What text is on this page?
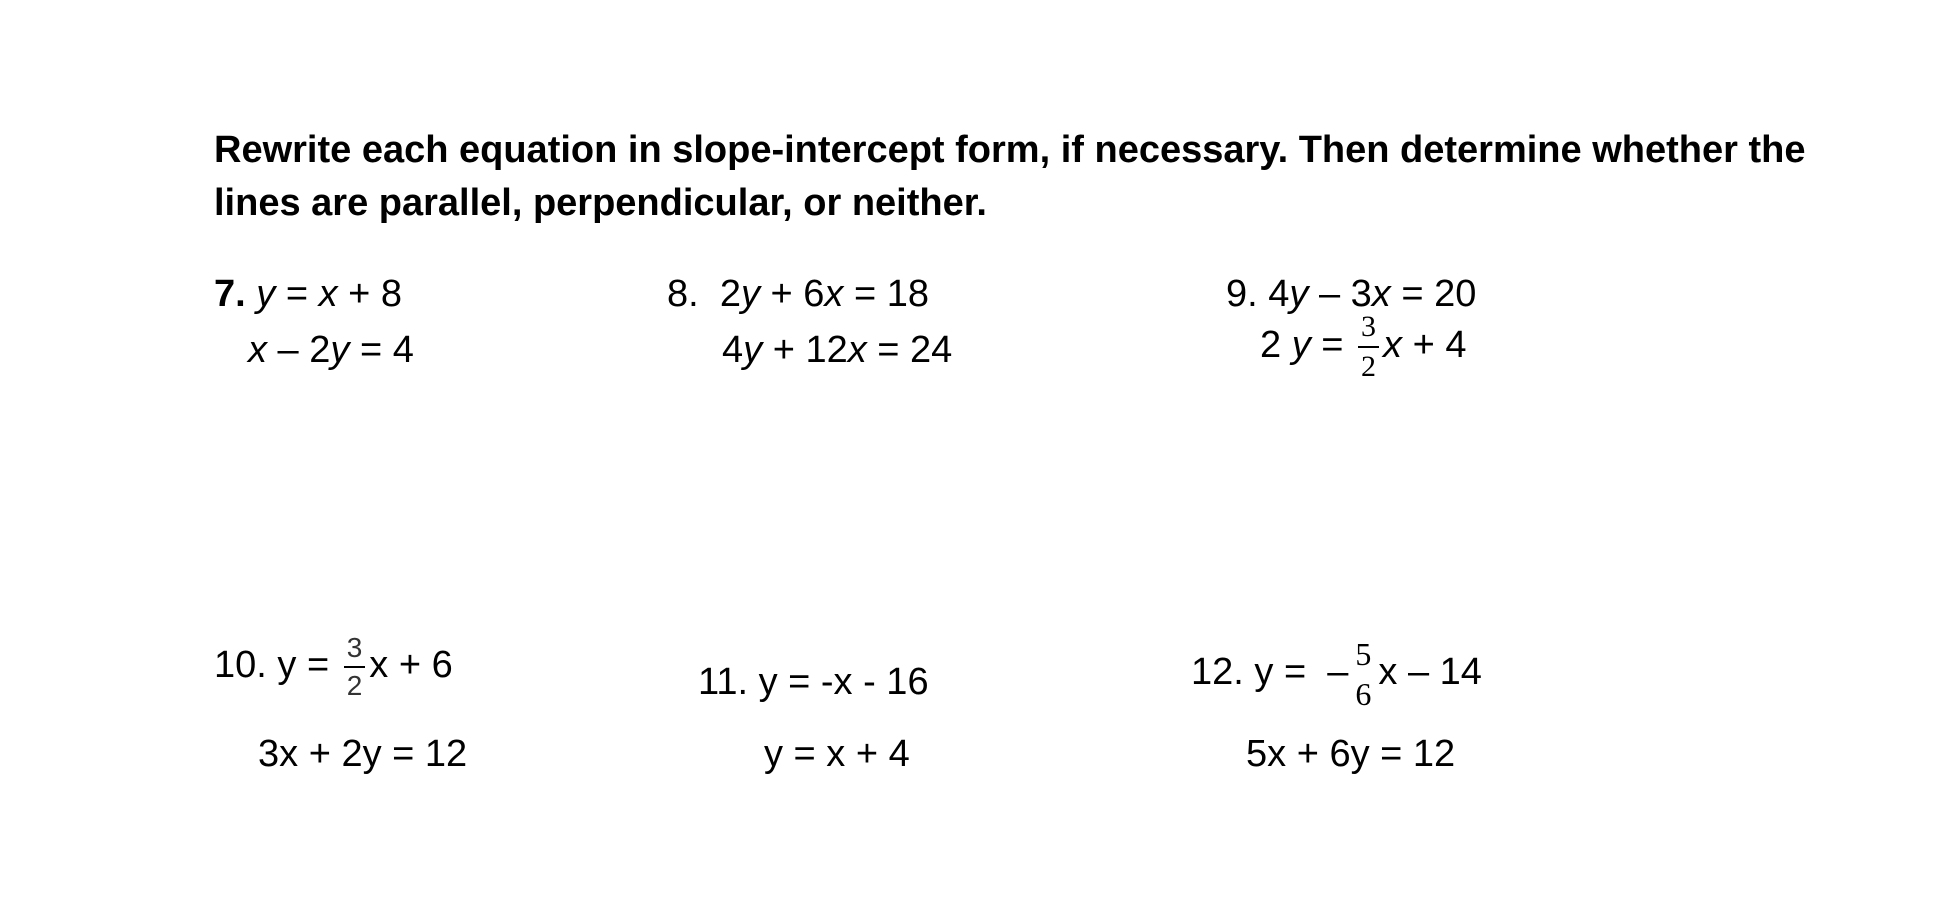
Rewrite each equation in slope-intercept form, if necessary. Then determine whether the lines are parallel, perpendicular, or neither.
7. y = x + 8
x – 2y = 4
8. 2y + 6x = 18
4y + 12x = 24
9. 4y – 3x = 20
2 $y = \frac{3}{2}$ x + 4
10. $y = \frac{3}{2}$ x + 6
3x + 2y = 12
11. y = -x - 16
y = x + 4
12. y =  – 5
6
x – 14
5x + 6y = 12
